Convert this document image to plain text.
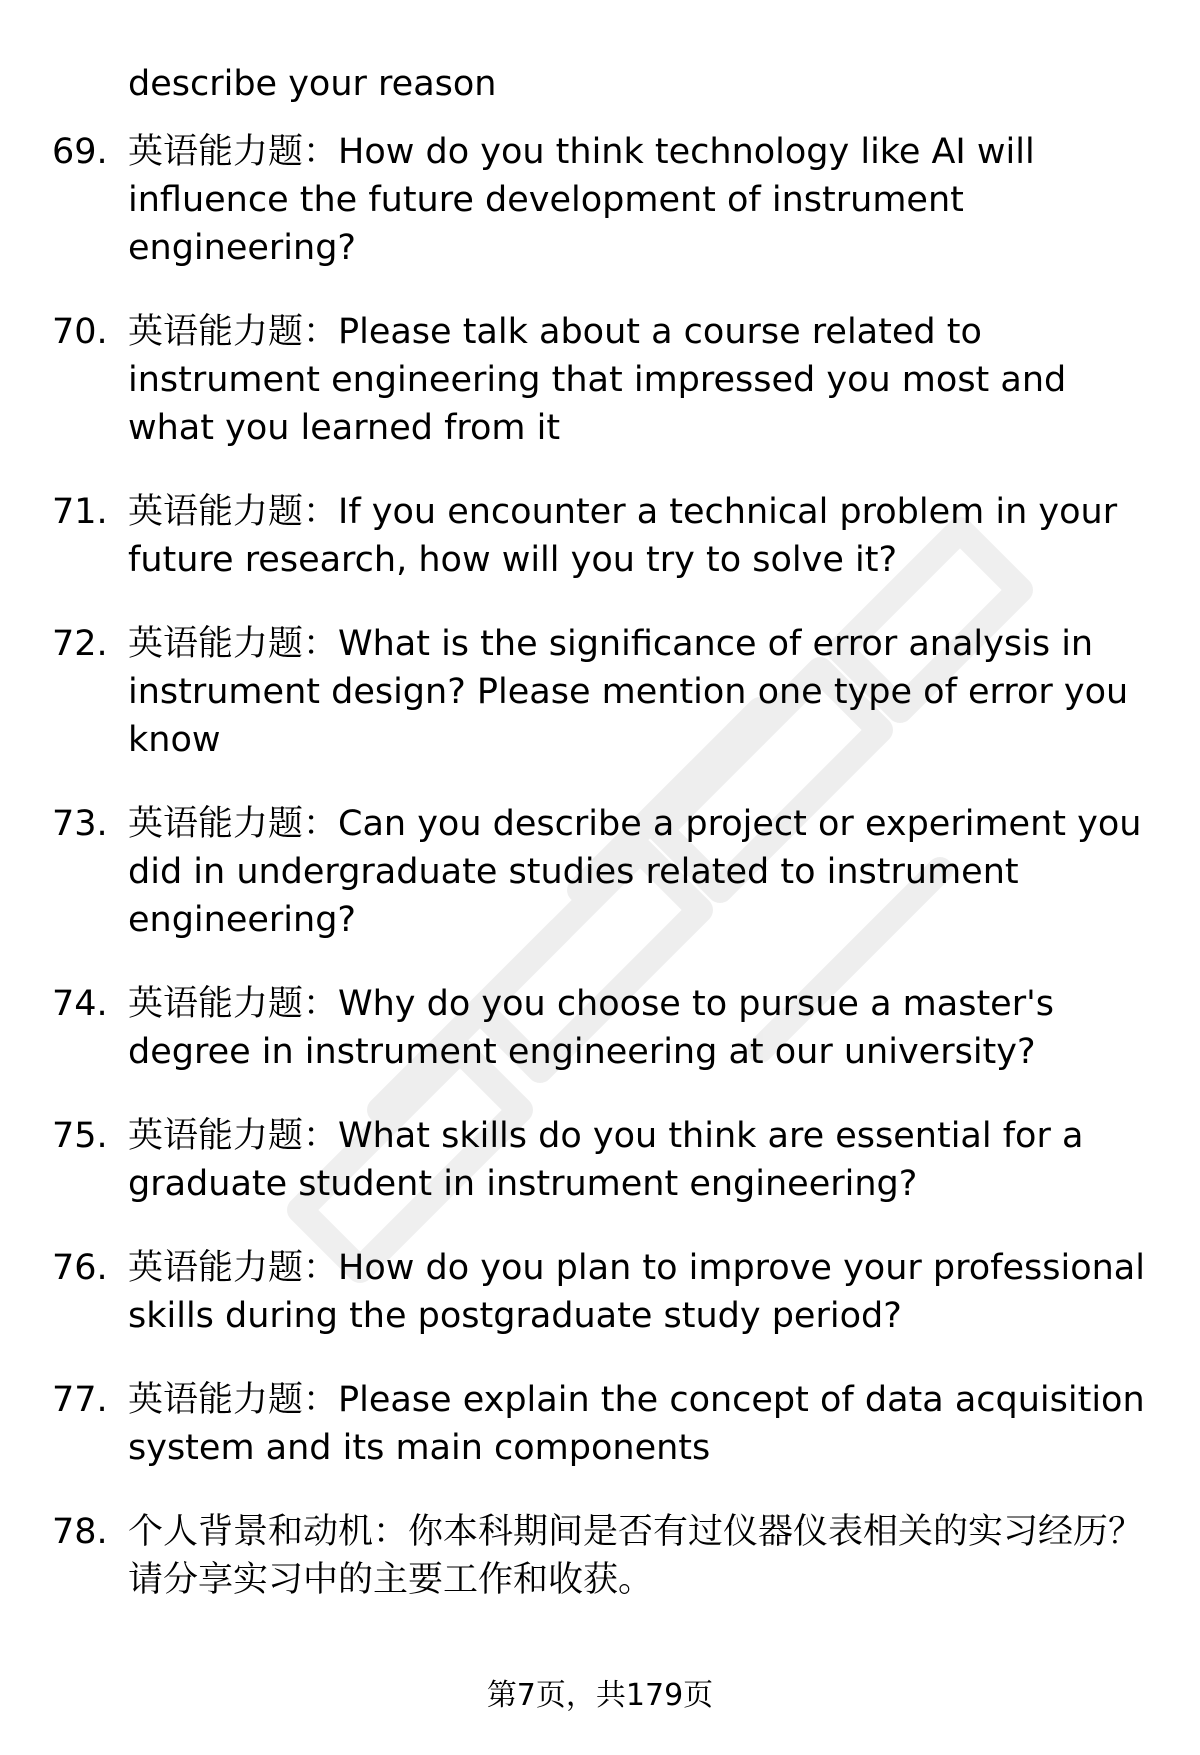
describe your reason
69. 英语能力题：How do you think technology like AI will influence the future development of instrument engineering?
70. 英语能力题：Please talk about a course related to instrument engineering that impressed you most and what you learned from it
71. 英语能力题：If you encounter a technical problem in your future research, how will you try to solve it?
72. 英语能力题：What is the significance of error analysis in instrument design? Please mention one type of error you know
73. 英语能力题：Can you describe a project or experiment you did in undergraduate studies related to instrument engineering?
74. 英语能力题：Why do you choose to pursue a master's degree in instrument engineering at our university?
75. 英语能力题：What skills do you think are essential for a graduate student in instrument engineering?
76. 英语能力题：How do you plan to improve your professional skills during the postgraduate study period?
77. 英语能力题：Please explain the concept of data acquisition system and its main components
78. 个人背景和动机：你本科期间是否有过仪器仪表相关的实习经历？请分享实习中的主要工作和收获。
第7页，共179页
